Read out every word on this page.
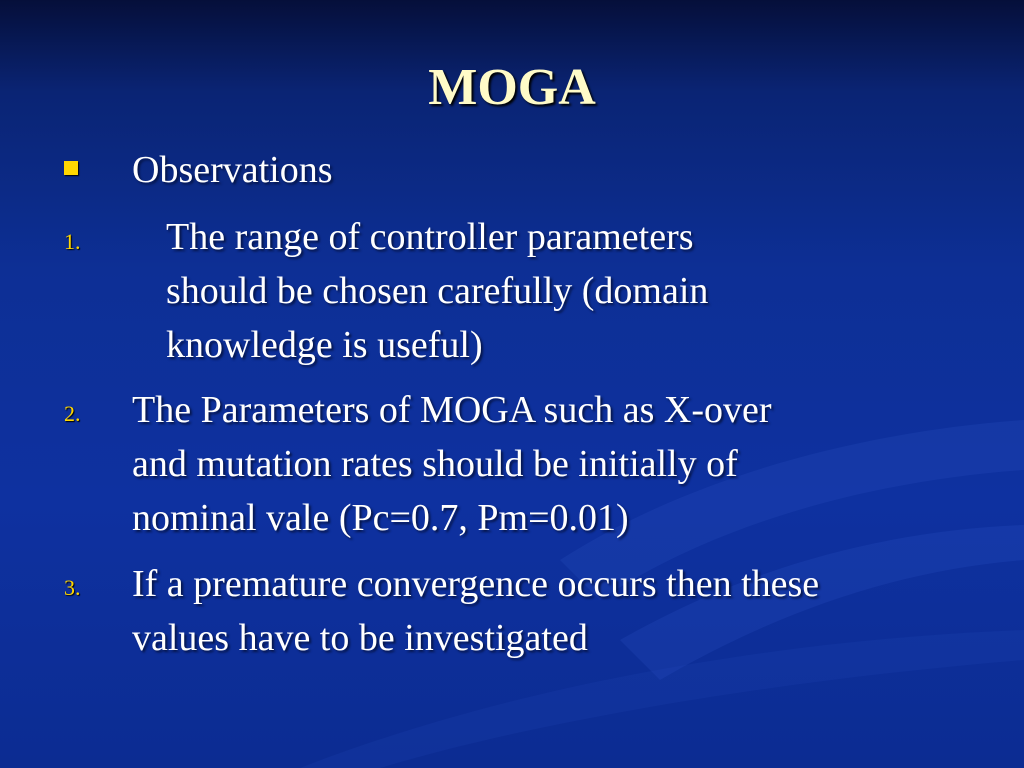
MOGA
Observations
1. The range of controller parameters
should be chosen carefully (domain
knowledge is useful)
2. The Parameters of MOGA such as X-over
and mutation rates should be initially of
nominal vale (Pc=0.7, Pm=0.01)
3. If a premature convergence occurs then these
values have to be investigated
